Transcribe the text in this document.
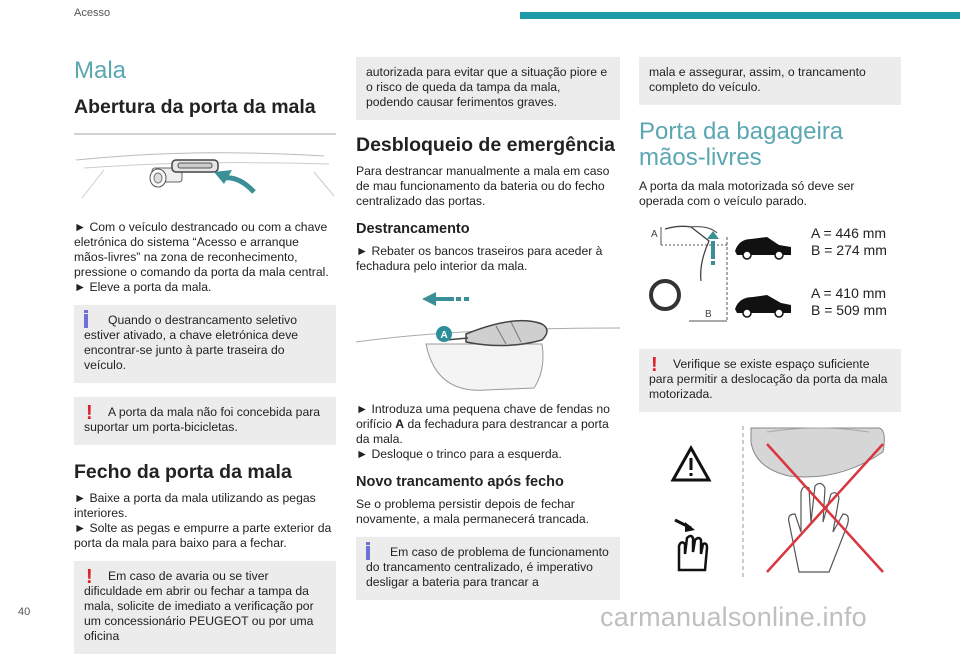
Acesso
Mala
Abertura da porta da mala

► Com o veículo destrancado ou com a chave eletrónica do sistema “Acesso e arranque mãos-livres” na zona de reconhecimento, pressione o comando da porta da mala central.

► Eleve a porta da mala.

Quando o destrancamento seletivo estiver ativado, a chave eletrónica deve encontrar-se junto à parte traseira do veículo.

!	A porta da mala não foi concebida para suportar um porta-bicicletas.

Fecho da porta da mala

► Baixe a porta da mala utilizando as pegas interiores.

► Solte as pegas e empurre a parte exterior da porta da mala para baixo para a fechar.

!	Em caso de avaria ou se tiver dificuldade em abrir ou fechar a tampa da mala, solicite de imediato a verificação por um concessionário PEUGEOT ou por uma oficina

autorizada para evitar que a situação piore e o risco de queda da tampa da mala, podendo causar ferimentos graves.

Desbloqueio de emergência

Para destrancar manualmente a mala em caso de mau funcionamento da bateria ou do fecho centralizado das portas.

Destrancamento

► Rebater os bancos traseiros para aceder à fechadura pelo interior da mala.

A

► Introduza uma pequena chave de fendas no orifício A da fechadura para destrancar a porta da mala.

► Desloque o trinco para a esquerda.

Novo trancamento após fecho

Se o problema persistir depois de fechar novamente, a mala permanecerá trancada.

Em caso de problema de funcionamento do trancamento centralizado, é imperativo desligar a bateria para trancar a

mala e assegurar, assim, o trancamento completo do veículo.

Porta da bagageira mãos-livres

A porta da mala motorizada só deve ser operada com o veículo parado.

A
B
A = 446 mm
B = 274 mm
A = 410 mm
B = 509 mm
!	Verifique se existe espaço suficiente para permitir a deslocação da porta da mala motorizada.

40	carmanualsonline.info
